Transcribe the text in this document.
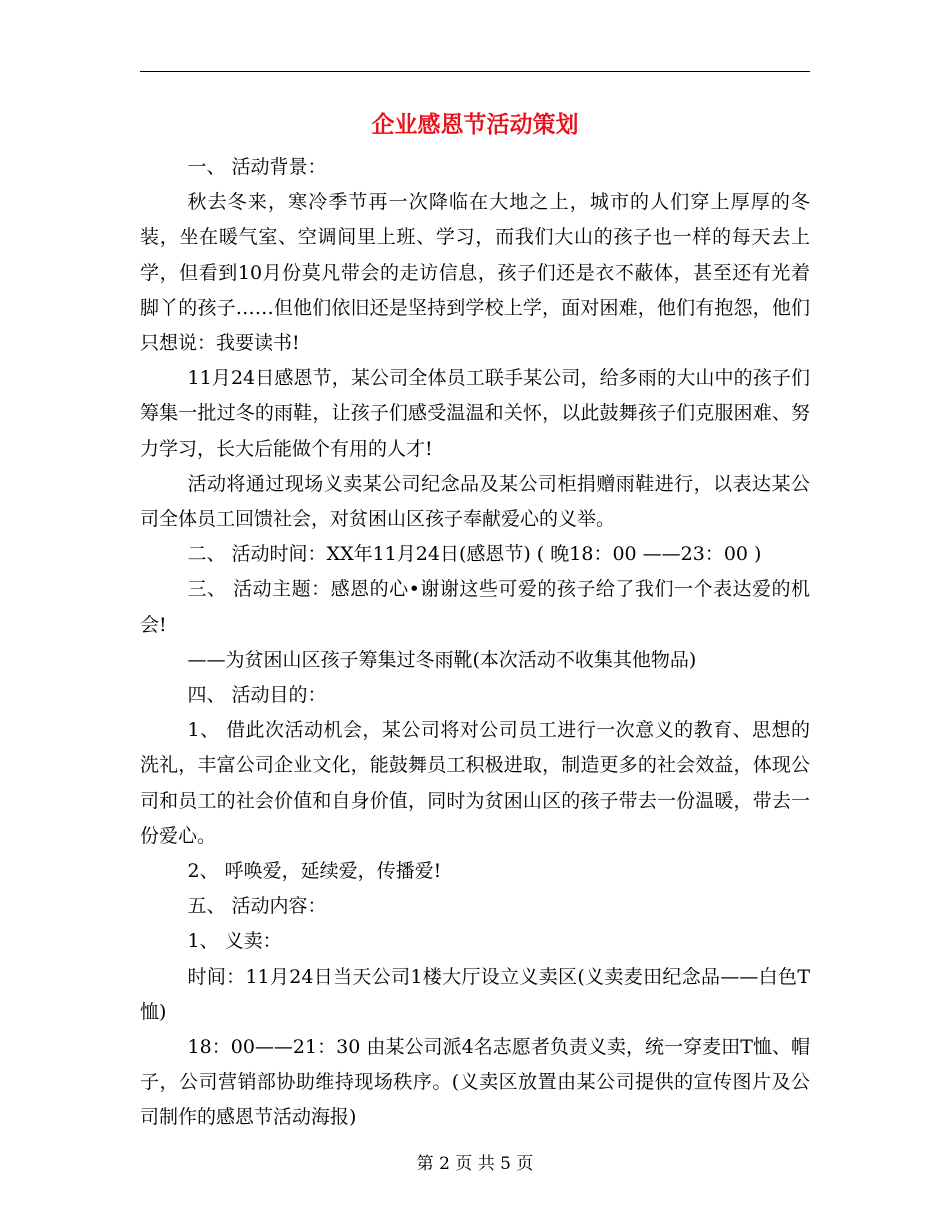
企业感恩节活动策划

一、 活动背景：

秋去冬来，寒冷季节再一次降临在大地之上，城市的人们穿上厚厚的冬装，坐在暖气室、空调间里上班、学习，而我们大山的孩子也一样的每天去上学，但看到10月份莫凡带会的走访信息，孩子们还是衣不蔽体，甚至还有光着脚丫的孩子……但他们依旧还是坚持到学校上学，面对困难，他们有抱怨，他们只想说：我要读书!

11月24日感恩节，某公司全体员工联手某公司，给多雨的大山中的孩子们筹集一批过冬的雨鞋，让孩子们感受温温和关怀，以此鼓舞孩子们克服困难、努力学习，长大后能做个有用的人才!

活动将通过现场义卖某公司纪念品及某公司柜捐赠雨鞋进行，以表达某公司全体员工回馈社会，对贫困山区孩子奉献爱心的义举。

二、 活动时间：XX年11月24日(感恩节) ( 晚18：00 ——23：00 )

三、 活动主题：感恩的心•谢谢这些可爱的孩子给了我们一个表达爱的机会!

——为贫困山区孩子筹集过冬雨靴(本次活动不收集其他物品)

四、 活动目的：

1、 借此次活动机会，某公司将对公司员工进行一次意义的教育、思想的洗礼，丰富公司企业文化，能鼓舞员工积极进取，制造更多的社会效益，体现公司和员工的社会价值和自身价值，同时为贫困山区的孩子带去一份温暖，带去一份爱心。

2、 呼唤爱，延续爱，传播爱!

五、 活动内容：

1、 义卖：

时间：11月24日当天公司1楼大厅设立义卖区(义卖麦田纪念品——白色T恤)

18：00——21：30 由某公司派4名志愿者负责义卖，统一穿麦田T恤、帽子，公司营销部协助维持现场秩序。(义卖区放置由某公司提供的宣传图片及公司制作的感恩节活动海报)

第 2 页 共 5 页
